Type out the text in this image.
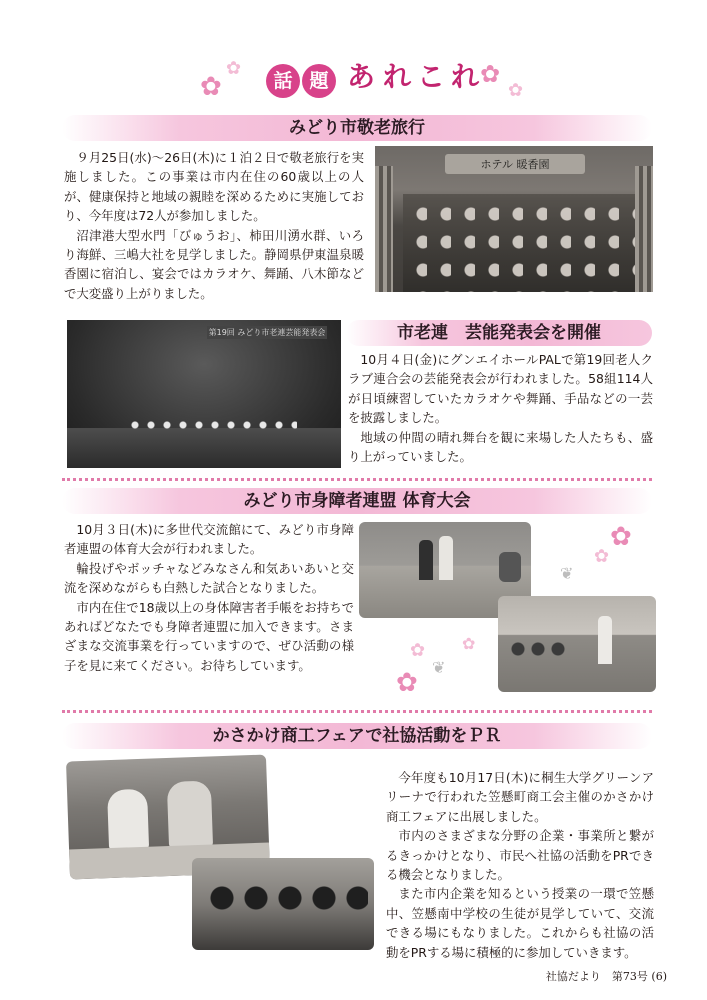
✿
✿	✿
✿
話 題 あ れ こ れ
みどり市敬老旅行

９月25日(水)～26日(木)に１泊２日で敬老旅行を実施しました。この事業は市内在住の60歳以上の人が、健康保持と地域の親睦を深めるために実施しており、今年度は72人が参加しました。

沼津港大型水門「びゅうお」、柿田川湧水群、いろり海鮮、三嶋大社を見学しました。静岡県伊東温泉暖香園に宿泊し、宴会ではカラオケ、舞踊、八木節などで大変盛り上がりました。

ホテル 暖香園
第19回 みどり市老連芸能発表会	市老連　芸能発表会を開催

10月４日(金)にグンエイホールPALで第19回老人クラブ連合会の芸能発表会が行われました。58組114人が日頃練習していたカラオケや舞踊、手品などの一芸を披露しました。

地域の仲間の晴れ舞台を観に来場した人たちも、盛り上がっていました。

みどり市身障者連盟 体育大会

10月３日(木)に多世代交流館にて、みどり市身障者連盟の体育大会が行われました。

輪投げやボッチャなどみなさん和気あいあいと交流を深めながらも白熱した試合となりました。

市内在住で18歳以上の身体障害者手帳をお持ちであればどなたでも身障者連盟に加入できます。さまざまな交流事業を行っていますので、ぜひ活動の様子を見に来てください。お待ちしています。

✿
✿
❦
✿
❦
✿
✿
かさかけ商工フェアで社協活動をＰＲ

今年度も10月17日(木)に桐生大学グリーンアリーナで行われた笠懸町商工会主催のかさかけ商工フェアに出展しました。

市内のさまざまな分野の企業・事業所と繋がるきっかけとなり、市民へ社協の活動をPRできる機会となりました。

また市内企業を知るという授業の一環で笠懸中、笠懸南中学校の生徒が見学していて、交流できる場にもなりました。これからも社協の活動をPRする場に積極的に参加していきます。

社協だより　第73号 (6)
